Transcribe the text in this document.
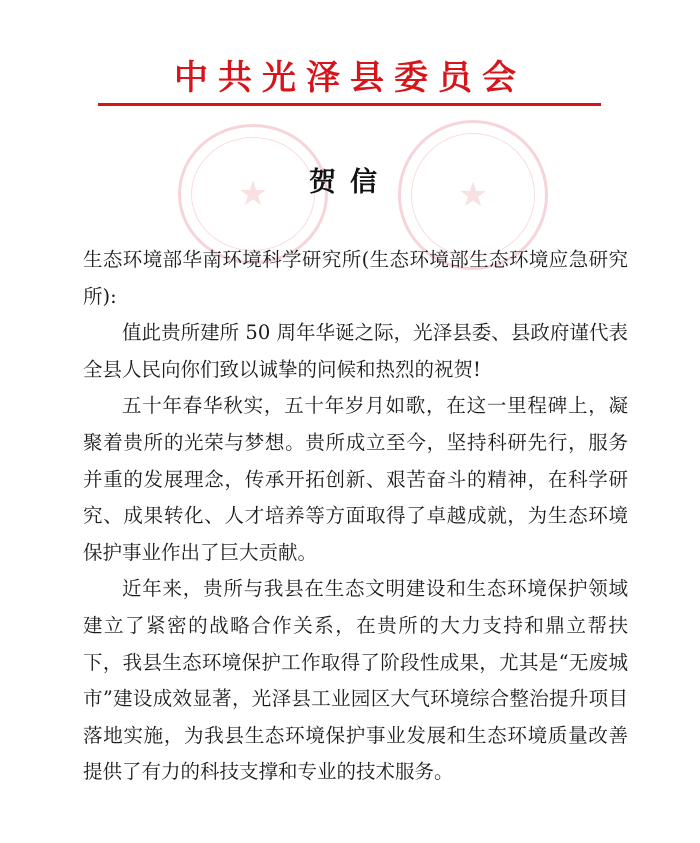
★	★
中共光泽县委员会
贺信

生态环境部华南环境科学研究所(生态环境部生态环境应急研究所):

值此贵所建所 50 周年华诞之际，光泽县委、县政府谨代表全县人民向你们致以诚挚的问候和热烈的祝贺!

五十年春华秋实，五十年岁月如歌，在这一里程碑上，凝聚着贵所的光荣与梦想。贵所成立至今，坚持科研先行，服务并重的发展理念，传承开拓创新、艰苦奋斗的精神，在科学研究、成果转化、人才培养等方面取得了卓越成就，为生态环境保护事业作出了巨大贡献。

近年来，贵所与我县在生态文明建设和生态环境保护领域建立了紧密的战略合作关系，在贵所的大力支持和鼎立帮扶下，我县生态环境保护工作取得了阶段性成果，尤其是“无废城市”建设成效显著，光泽县工业园区大气环境综合整治提升项目落地实施，为我县生态环境保护事业发展和生态环境质量改善提供了有力的科技支撑和专业的技术服务。
